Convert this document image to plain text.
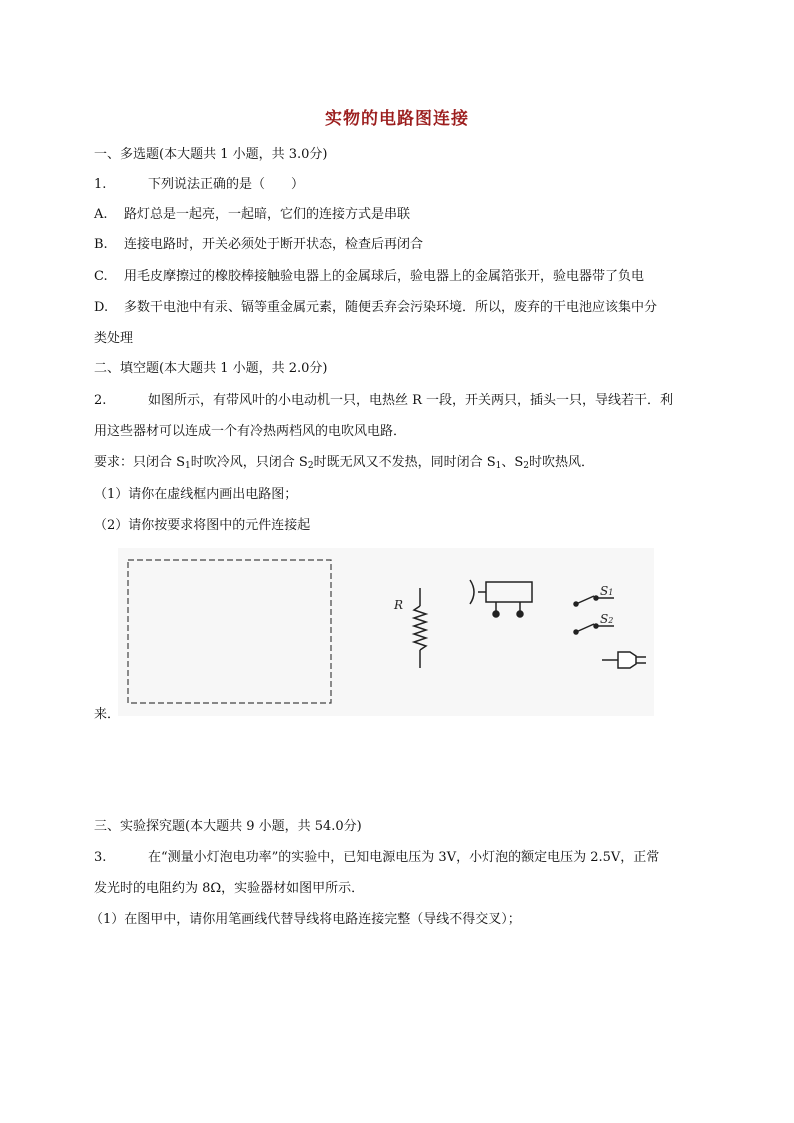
实物的电路图连接
一、多选题(本大题共 1 小题，共 3.0分)
1.	下列说法正确的是（　　）
A. 路灯总是一起亮，一起暗，它们的连接方式是串联
B. 连接电路时，开关必须处于断开状态，检查后再闭合
C. 用毛皮摩擦过的橡胶棒接触验电器上的金属球后，验电器上的金属箔张开，验电器带了负电
D. 多数干电池中有汞、镉等重金属元素，随便丢弃会污染环境．所以，废弃的干电池应该集中分
类处理
二、填空题(本大题共 1 小题，共 2.0分)
2.	如图所示，有带风叶的小电动机一只，电热丝 R 一段，开关两只，插头一只，导线若干．利
用这些器材可以连成一个有冷热两档风的电吹风电路．
要求：只闭合 $S_1$时吹冷风，只闭合 $S_2$时既无风又不发热，同时闭合 $S_1$、$S_2$时吹热风．
（1）请你在虚线框内画出电路图；
（2）请你按要求将图中的元件连接起
R
S1
S2
来．
三、实验探究题(本大题共 9 小题，共 54.0分)
3.	在“测量小灯泡电功率”的实验中，已知电源电压为 3V，小灯泡的额定电压为 2.5V，正常
发光时的电阻约为 8Ω，实验器材如图甲所示．
（1）在图甲中，请你用笔画线代替导线将电路连接完整（导线不得交叉）；
